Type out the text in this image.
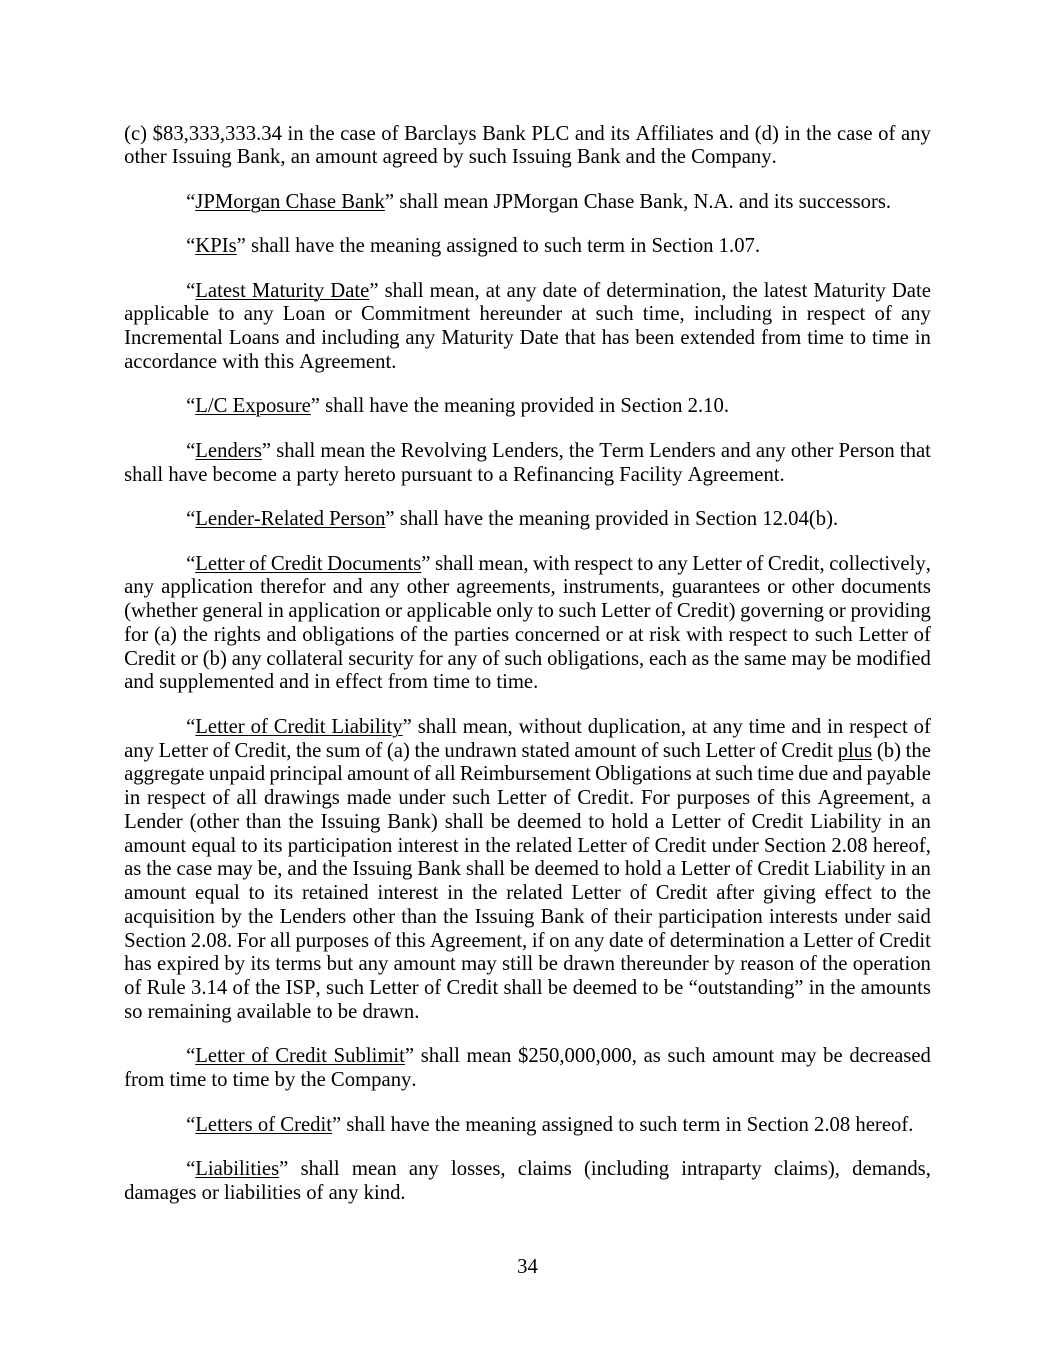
(c) $83,333,333.34 in the case of Barclays Bank PLC and its Affiliates and (d) in the case of any
other Issuing Bank, an amount agreed by such Issuing Bank and the Company.
“JPMorgan Chase Bank” shall mean JPMorgan Chase Bank, N.A. and its successors.
“KPIs” shall have the meaning assigned to such term in Section 1.07.
“Latest Maturity Date” shall mean, at any date of determination, the latest Maturity Date
applicable to any Loan or Commitment hereunder at such time, including in respect of any
Incremental Loans and including any Maturity Date that has been extended from time to time in
accordance with this Agreement.
“L/C Exposure” shall have the meaning provided in Section 2.10.
“Lenders” shall mean the Revolving Lenders, the Term Lenders and any other Person that
shall have become a party hereto pursuant to a Refinancing Facility Agreement.
“Lender-Related Person” shall have the meaning provided in Section 12.04(b).
“Letter of Credit Documents” shall mean, with respect to any Letter of Credit, collectively,
any application therefor and any other agreements, instruments, guarantees or other documents
(whether general in application or applicable only to such Letter of Credit) governing or providing
for (a) the rights and obligations of the parties concerned or at risk with respect to such Letter of
Credit or (b) any collateral security for any of such obligations, each as the same may be modified
and supplemented and in effect from time to time.
“Letter of Credit Liability” shall mean, without duplication, at any time and in respect of
any Letter of Credit, the sum of (a) the undrawn stated amount of such Letter of Credit plus (b) the
aggregate unpaid principal amount of all Reimbursement Obligations at such time due and payable
in respect of all drawings made under such Letter of Credit. For purposes of this Agreement, a
Lender (other than the Issuing Bank) shall be deemed to hold a Letter of Credit Liability in an
amount equal to its participation interest in the related Letter of Credit under Section 2.08 hereof,
as the case may be, and the Issuing Bank shall be deemed to hold a Letter of Credit Liability in an
amount equal to its retained interest in the related Letter of Credit after giving effect to the
acquisition by the Lenders other than the Issuing Bank of their participation interests under said
Section 2.08. For all purposes of this Agreement, if on any date of determination a Letter of Credit
has expired by its terms but any amount may still be drawn thereunder by reason of the operation
of Rule 3.14 of the ISP, such Letter of Credit shall be deemed to be “outstanding” in the amounts
so remaining available to be drawn.
“Letter of Credit Sublimit” shall mean $250,000,000, as such amount may be decreased
from time to time by the Company.
“Letters of Credit” shall have the meaning assigned to such term in Section 2.08 hereof.
“Liabilities” shall mean any losses, claims (including intraparty claims), demands,
damages or liabilities of any kind.
34
